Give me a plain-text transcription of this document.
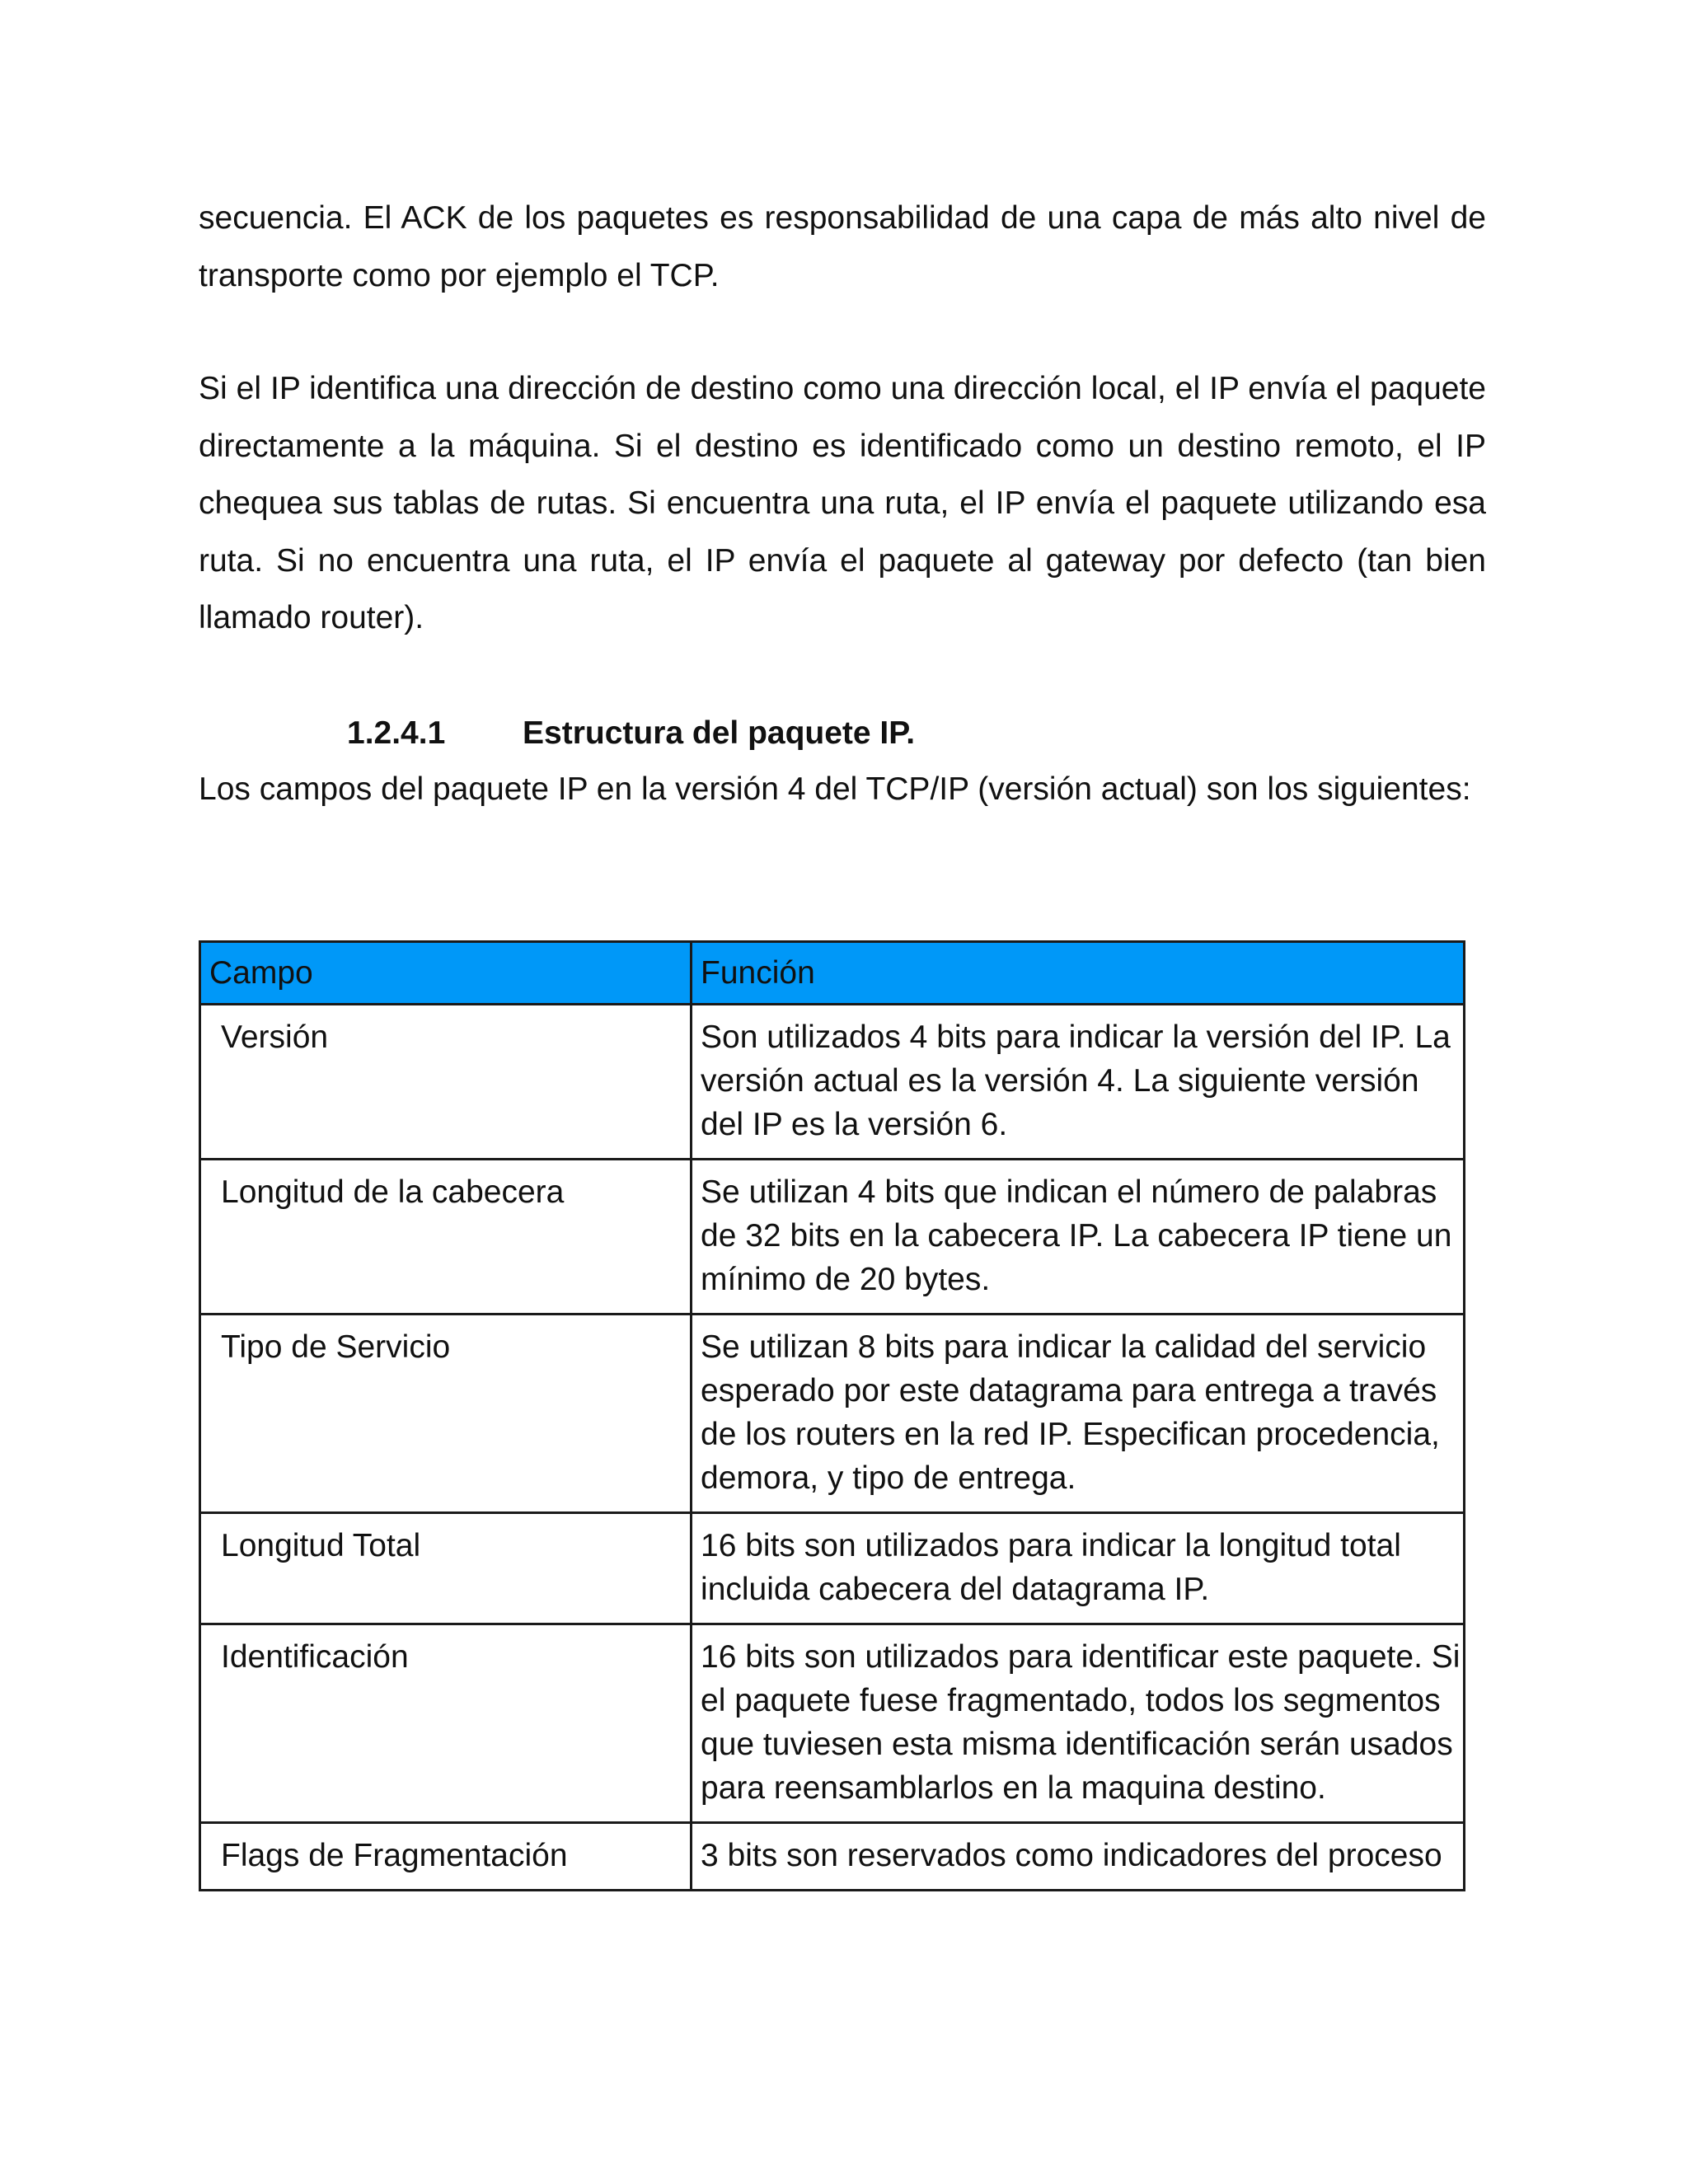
secuencia. El ACK de los paquetes es responsabilidad de una capa de más alto nivel de transporte como por ejemplo el TCP.

Si el IP identifica una dirección de destino como una dirección local, el IP envía el paquete directamente a la máquina. Si el destino es identificado como un destino remoto, el IP chequea sus tablas de rutas. Si encuentra una ruta, el IP envía el paquete utilizando esa ruta. Si no encuentra una ruta, el IP envía el paquete al gateway por defecto (tan bien llamado router).

1.2.4.1 Estructura del paquete IP.

Los campos del paquete IP en la versión 4 del TCP/IP (versión actual) son los siguientes:

Campo	Función
Versión	Son utilizados 4 bits para indicar la versión del IP. La versión actual es la versión 4. La siguiente versión del IP es la versión 6.
Longitud de la cabecera	Se utilizan 4 bits que indican el número de palabras de 32 bits en la cabecera IP. La cabecera IP tiene un mínimo de 20 bytes.
Tipo de Servicio	Se utilizan 8 bits para indicar la calidad del servicio esperado por este datagrama para entrega a través de los routers en la red IP. Especifican procedencia, demora, y tipo de entrega.
Longitud Total	16 bits son utilizados para indicar la longitud total incluida cabecera del datagrama IP.
Identificación	16 bits son utilizados para identificar este paquete. Si el paquete fuese fragmentado, todos los segmentos que tuviesen esta misma identificación serán usados para reensamblarlos en la maquina destino.
Flags de Fragmentación	3 bits son reservados como indicadores del proceso
